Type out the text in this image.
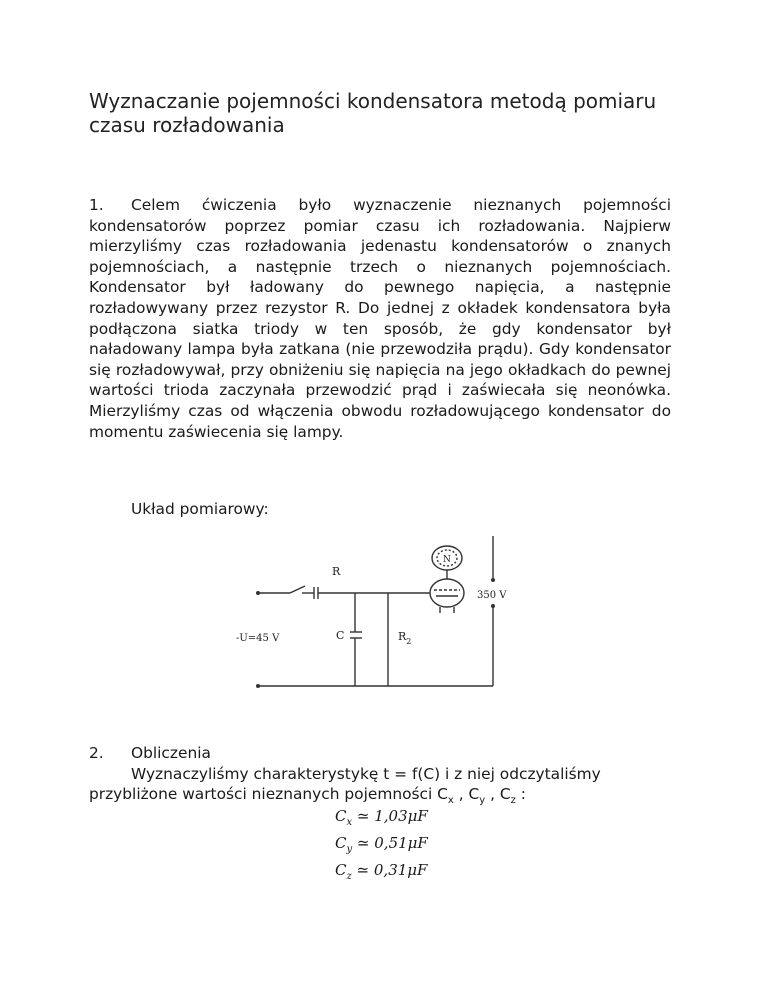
Wyznaczanie pojemności kondensatora metodą pomiaru czasu rozładowania

1. Celem ćwiczenia było wyznaczenie nieznanych pojemności kondensatorów poprzez pomiar czasu ich rozładowania. Najpierw mierzyliśmy czas rozładowania jedenastu kondensatorów o znanych pojemnościach, a następnie trzech o nieznanych pojemnościach. Kondensator był ładowany do pewnego napięcia, a następnie rozładowywany przez rezystor R. Do jednej z okładek kondensatora była podłączona siatka triody w ten sposób, że gdy kondensator był naładowany lampa była zatkana (nie przewodziła prądu). Gdy kondensator się rozładowywał, przy obniżeniu się napięcia na jego okładkach do pewnej wartości trioda zaczynała przewodzić prąd i zaświecała się neonówka. Mierzyliśmy czas od włączenia obwodu rozładowującego kondensator do momentu zaświecenia się lampy.

Układ pomiarowy:

R
C	$R_2$
-U=45 V
350 V
N
2. Obliczenia
Wyznaczyliśmy charakterystykę t = f(C) i z niej odczytaliśmy
przybliżone wartości nieznanych pojemności $C_x$ , $C_y$ , $C_z$ :
$C_x$ ≃ 1,03μF
$C_y$ ≃ 0,51μF
$C_z$ ≃ 0,31μF
